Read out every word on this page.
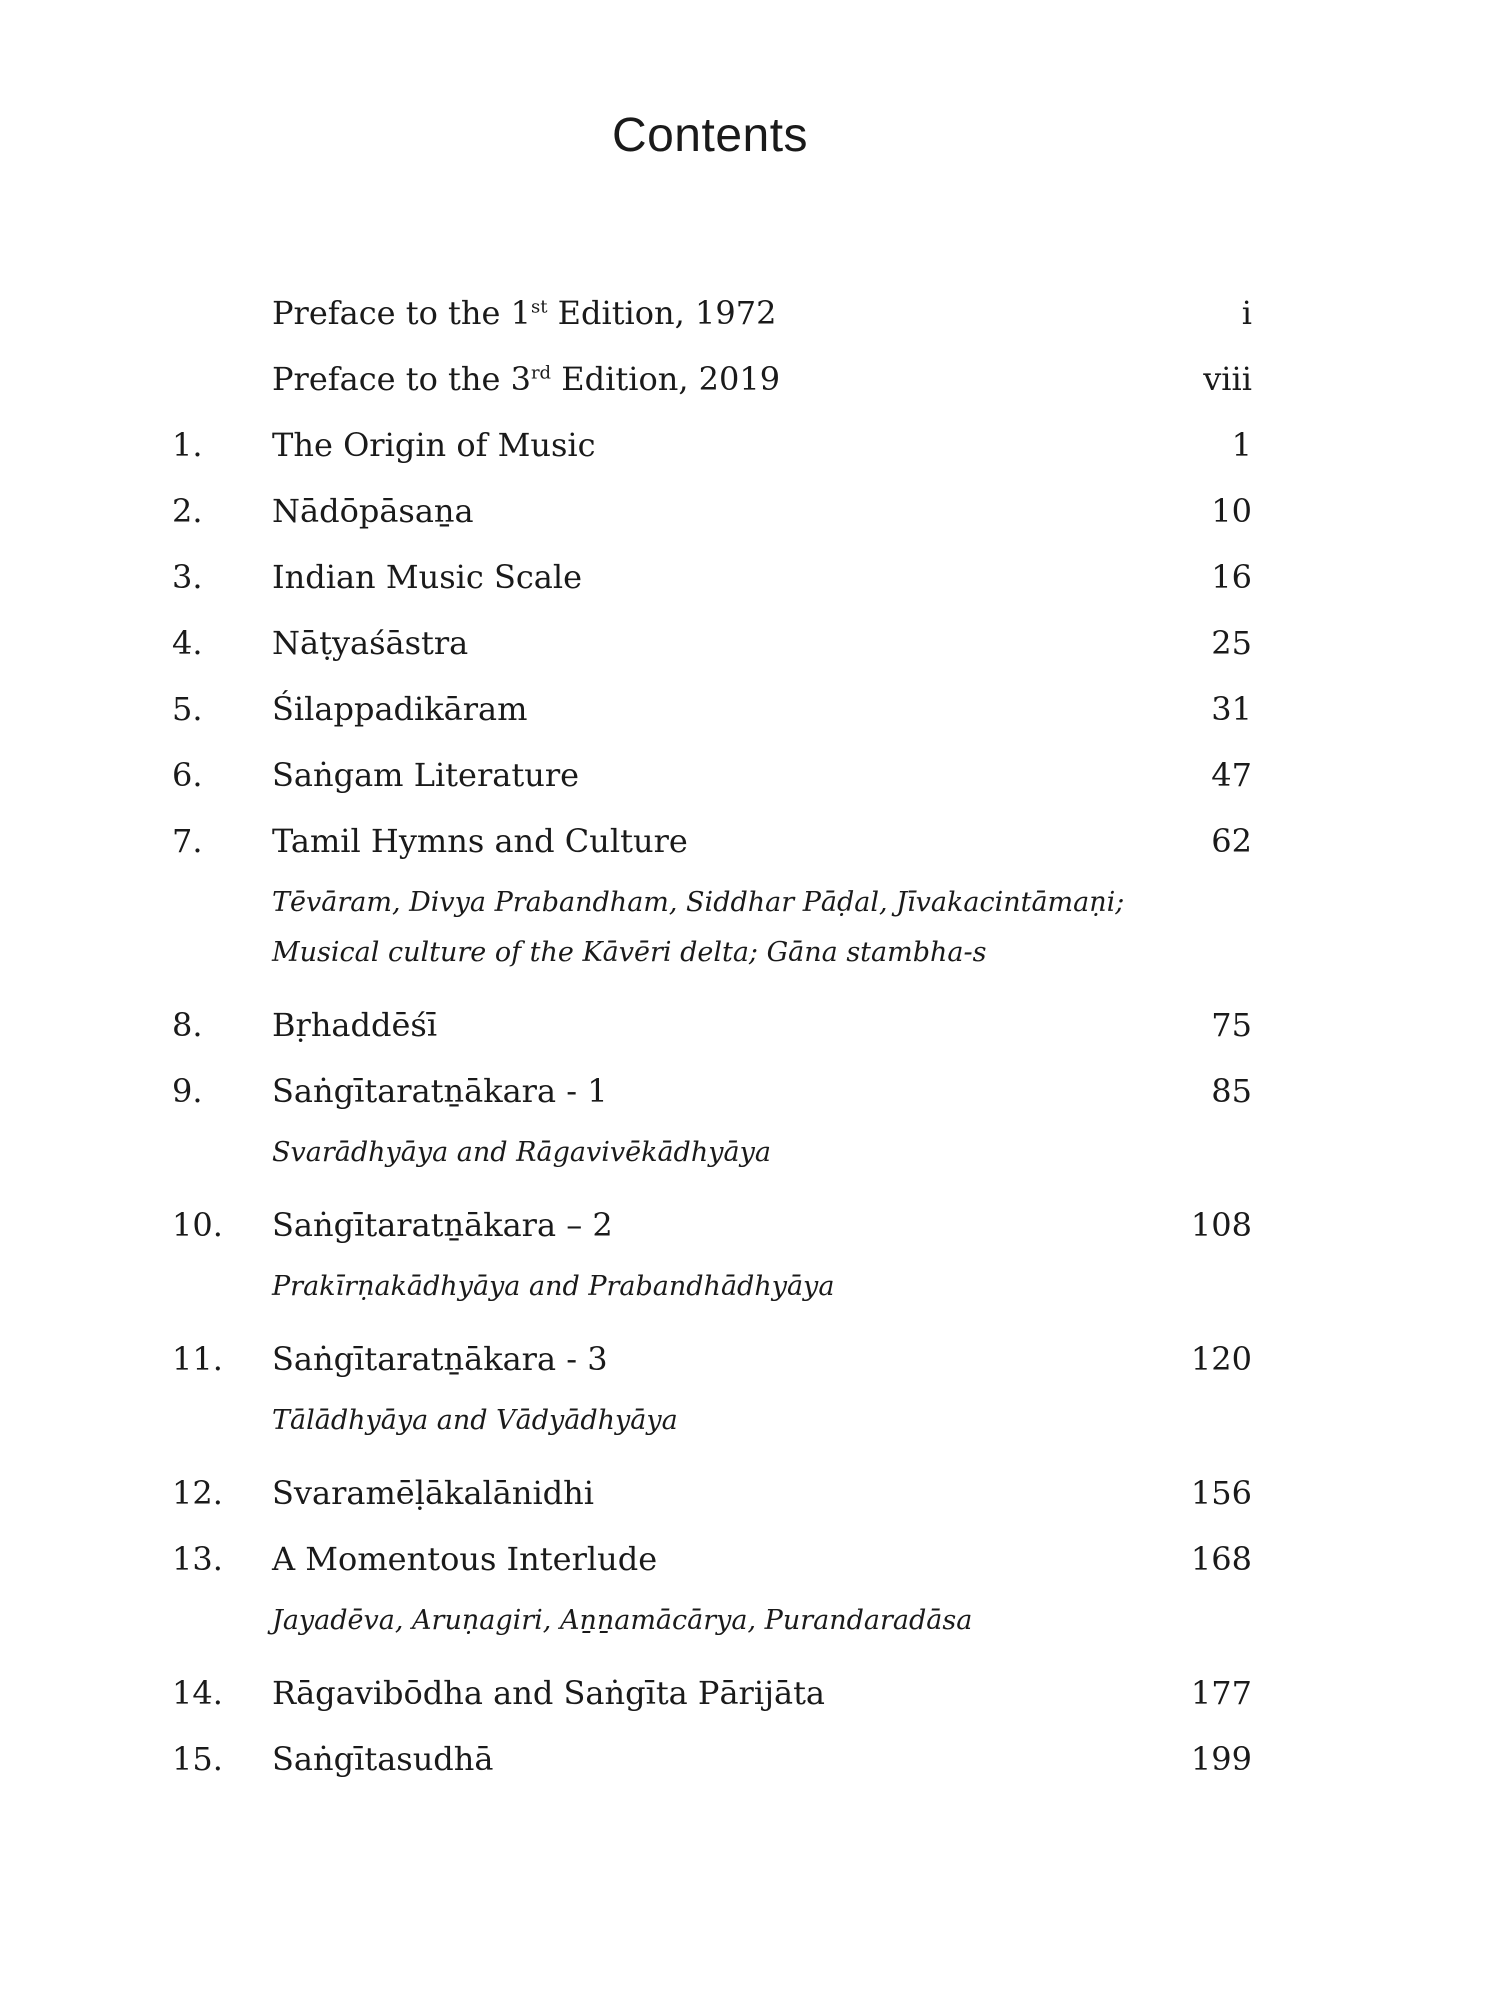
Contents
Preface to the 1st Edition, 1972	i
Preface to the 3rd Edition, 2019	viii
1.	The Origin of Music	1
2.	Nādōpāsaṉa	10
3.	Indian Music Scale	16
4.	Nāṭyaśāstra	25
5.	Śilappadikāram	31
6.	Saṅgam Literature	47
7.	Tamil Hymns and Culture	62
Tēvāram, Divya Prabandham, Siddhar Pāḍal, Jīvakacintāmaṇi;
Musical culture of the Kāvēri delta; Gāna stambha-s
8.	Bṛhaddēśī	75
9.	Saṅgītaratṉākara - 1	85
Svarādhyāya and Rāgavivēkādhyāya
10.	Saṅgītaratṉākara – 2	108
Prakīrṇakādhyāya and Prabandhādhyāya
11.	Saṅgītaratṉākara - 3	120
Tālādhyāya and Vādyādhyāya
12.	Svaramēḷākalānidhi	156
13.	A Momentous Interlude	168
Jayadēva, Aruṇagiri, Aṉṉamācārya, Purandaradāsa
14.	Rāgavibōdha and Saṅgīta Pārijāta	177
15.	Saṅgītasudhā	199
